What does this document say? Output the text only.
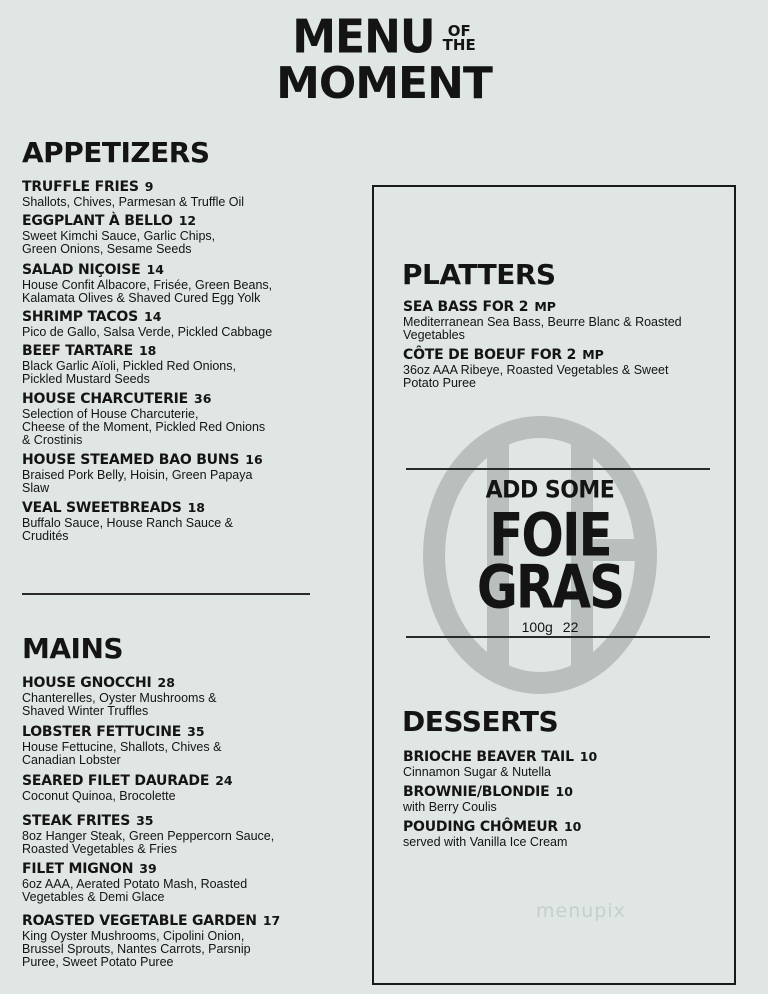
MENU OF
THE
MOMENT
APPETIZERS
TRUFFLE FRIES 9
Shallots, Chives, Parmesan & Truffle Oil
EGGPLANT À BELLO 12
Sweet Kimchi Sauce, Garlic Chips,
Green Onions, Sesame Seeds
SALAD NIÇOISE 14
House Confit Albacore, Frisée, Green Beans,
Kalamata Olives & Shaved Cured Egg Yolk
SHRIMP TACOS 14
Pico de Gallo, Salsa Verde, Pickled Cabbage
BEEF TARTARE 18
Black Garlic Aïoli, Pickled Red Onions,
Pickled Mustard Seeds
HOUSE CHARCUTERIE 36
Selection of House Charcuterie,
Cheese of the Moment, Pickled Red Onions
& Crostinis
HOUSE STEAMED BAO BUNS 16
Braised Pork Belly, Hoisin, Green Papaya
Slaw
VEAL SWEETBREADS 18
Buffalo Sauce, House Ranch Sauce &
Crudités
MAINS
HOUSE GNOCCHI 28
Chanterelles, Oyster Mushrooms &
Shaved Winter Truffles
LOBSTER FETTUCINE 35
House Fettucine, Shallots, Chives &
Canadian Lobster
SEARED FILET DAURADE 24
Coconut Quinoa, Brocolette
STEAK FRITES 35
8oz Hanger Steak, Green Peppercorn Sauce,
Roasted Vegetables & Fries
FILET MIGNON 39
6oz AAA, Aerated Potato Mash, Roasted
Vegetables & Demi Glace
ROASTED VEGETABLE GARDEN 17
King Oyster Mushrooms, Cipolini Onion,
Brussel Sprouts, Nantes Carrots, Parsnip
Puree, Sweet Potato Puree
PLATTERS
SEA BASS FOR 2 MP
Mediterranean Sea Bass, Beurre Blanc & Roasted
Vegetables
CÔTE DE BOEUF FOR 2 MP
36oz AAA Ribeye, Roasted Vegetables & Sweet
Potato Puree
ADD SOME
FOIE
GRAS
100g 22
DESSERTS
BRIOCHE BEAVER TAIL 10
Cinnamon Sugar & Nutella
BROWNIE/BLONDIE 10
with Berry Coulis
POUDING CHÔMEUR 10
served with Vanilla Ice Cream
menupix
